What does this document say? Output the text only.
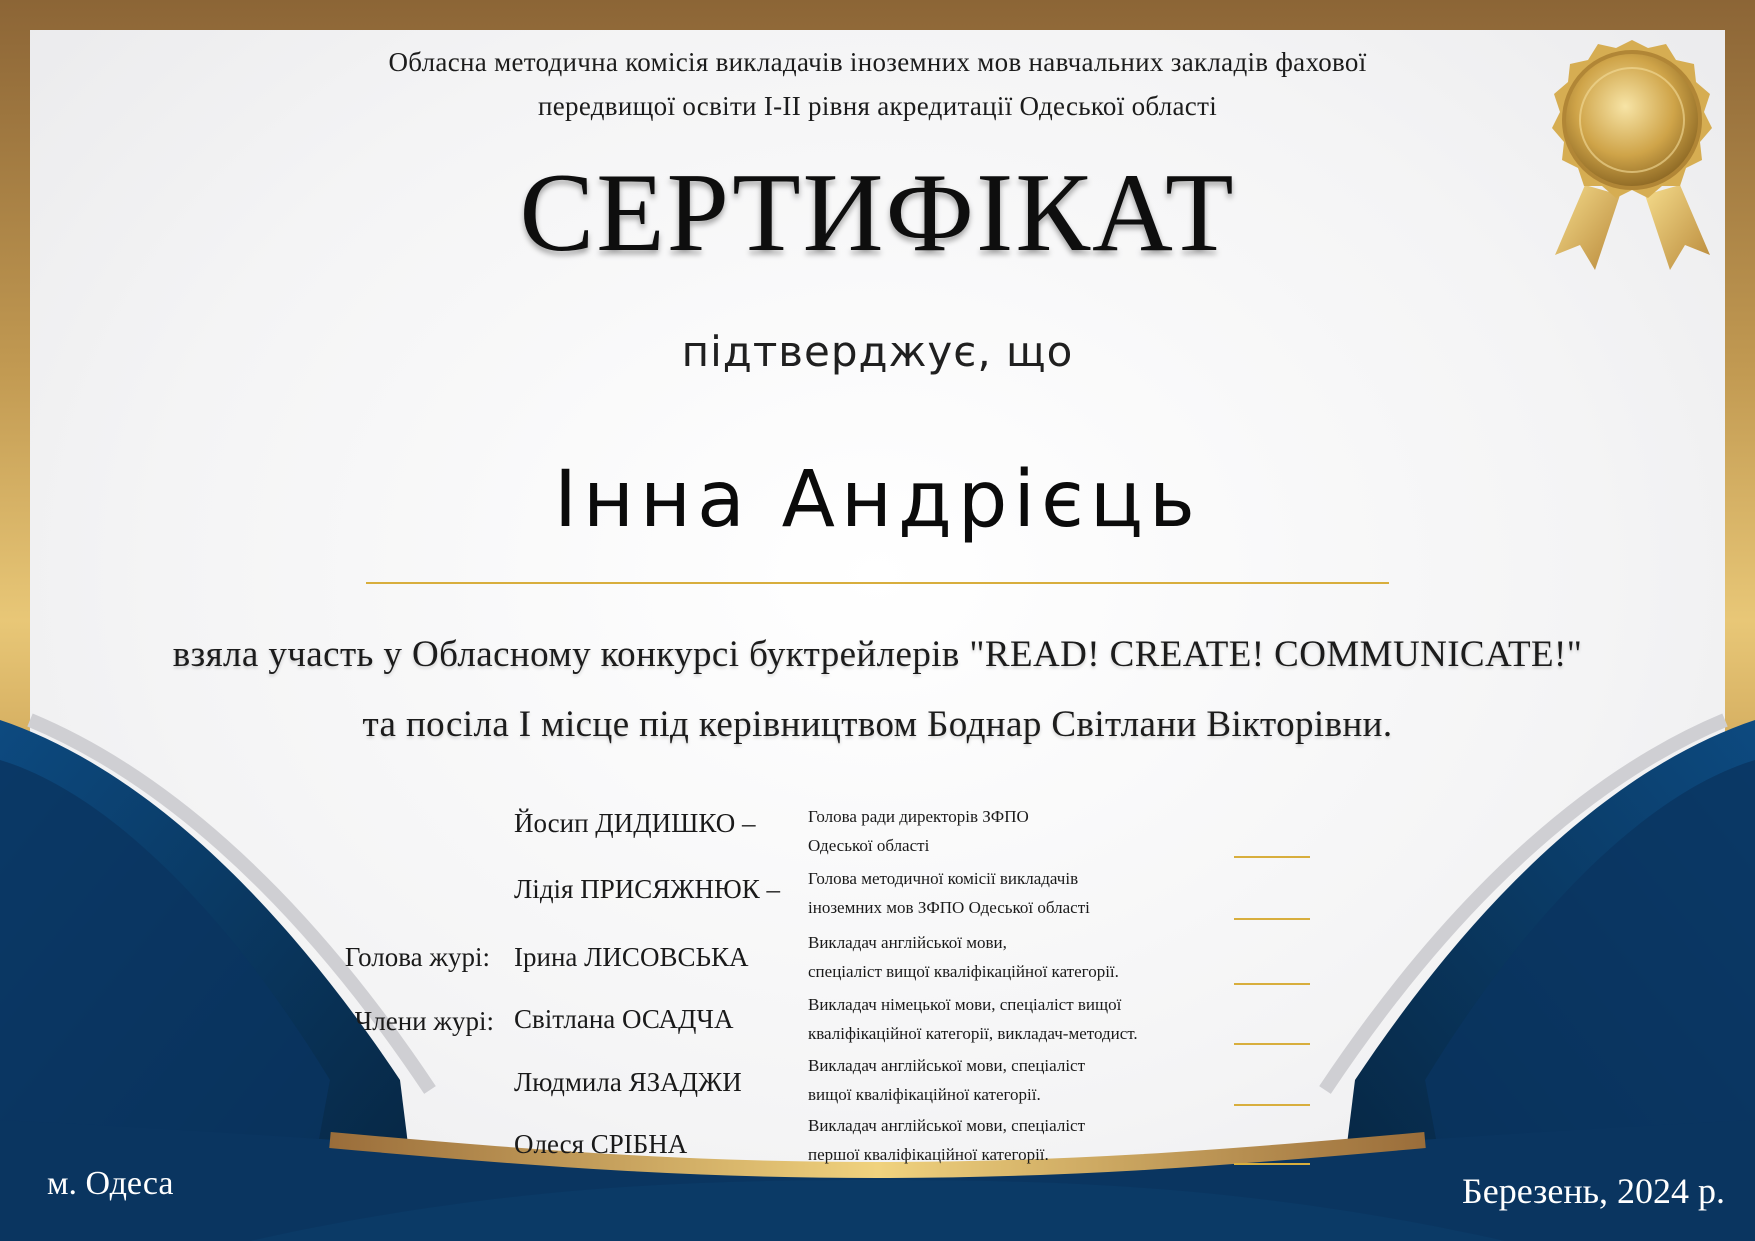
Обласна методична комісія викладачів іноземних мов навчальних закладів фахової
передвищої освіти І-ІІ рівня акредитації Одеської області
СЕРТИФІКАТ
підтверджує, що
Інна Андрієць
взяла участь у Обласному конкурсі буктрейлерів "READ! CREATE! COMMUNICATE!"
та посіла І місце під керівництвом Боднар Світлани Вікторівни.
Йосип ДИДИШКО –	Голова ради директорів ЗФПО
Одеської області
Лідія ПРИСЯЖНЮК – Голова методичної комісії викладачів
іноземних мов ЗФПО Одеської області
Голова журі: Ірина ЛИСОВСЬКА	Викладач англійської мови,
спеціаліст вищої кваліфікаційної категорії.
Члени журі: Світлана ОСАДЧА	Викладач німецької мови, спеціаліст вищої
кваліфікаційної категорії, викладач-методист.
Людмила ЯЗАДЖИ
Викладач англійської мови, спеціаліст
вищої кваліфікаційної категорії.
Олеся СРІБНА
Викладач англійської мови, спеціаліст
першої кваліфікаційної категорії.
м. Одеса	Березень, 2024 р.
